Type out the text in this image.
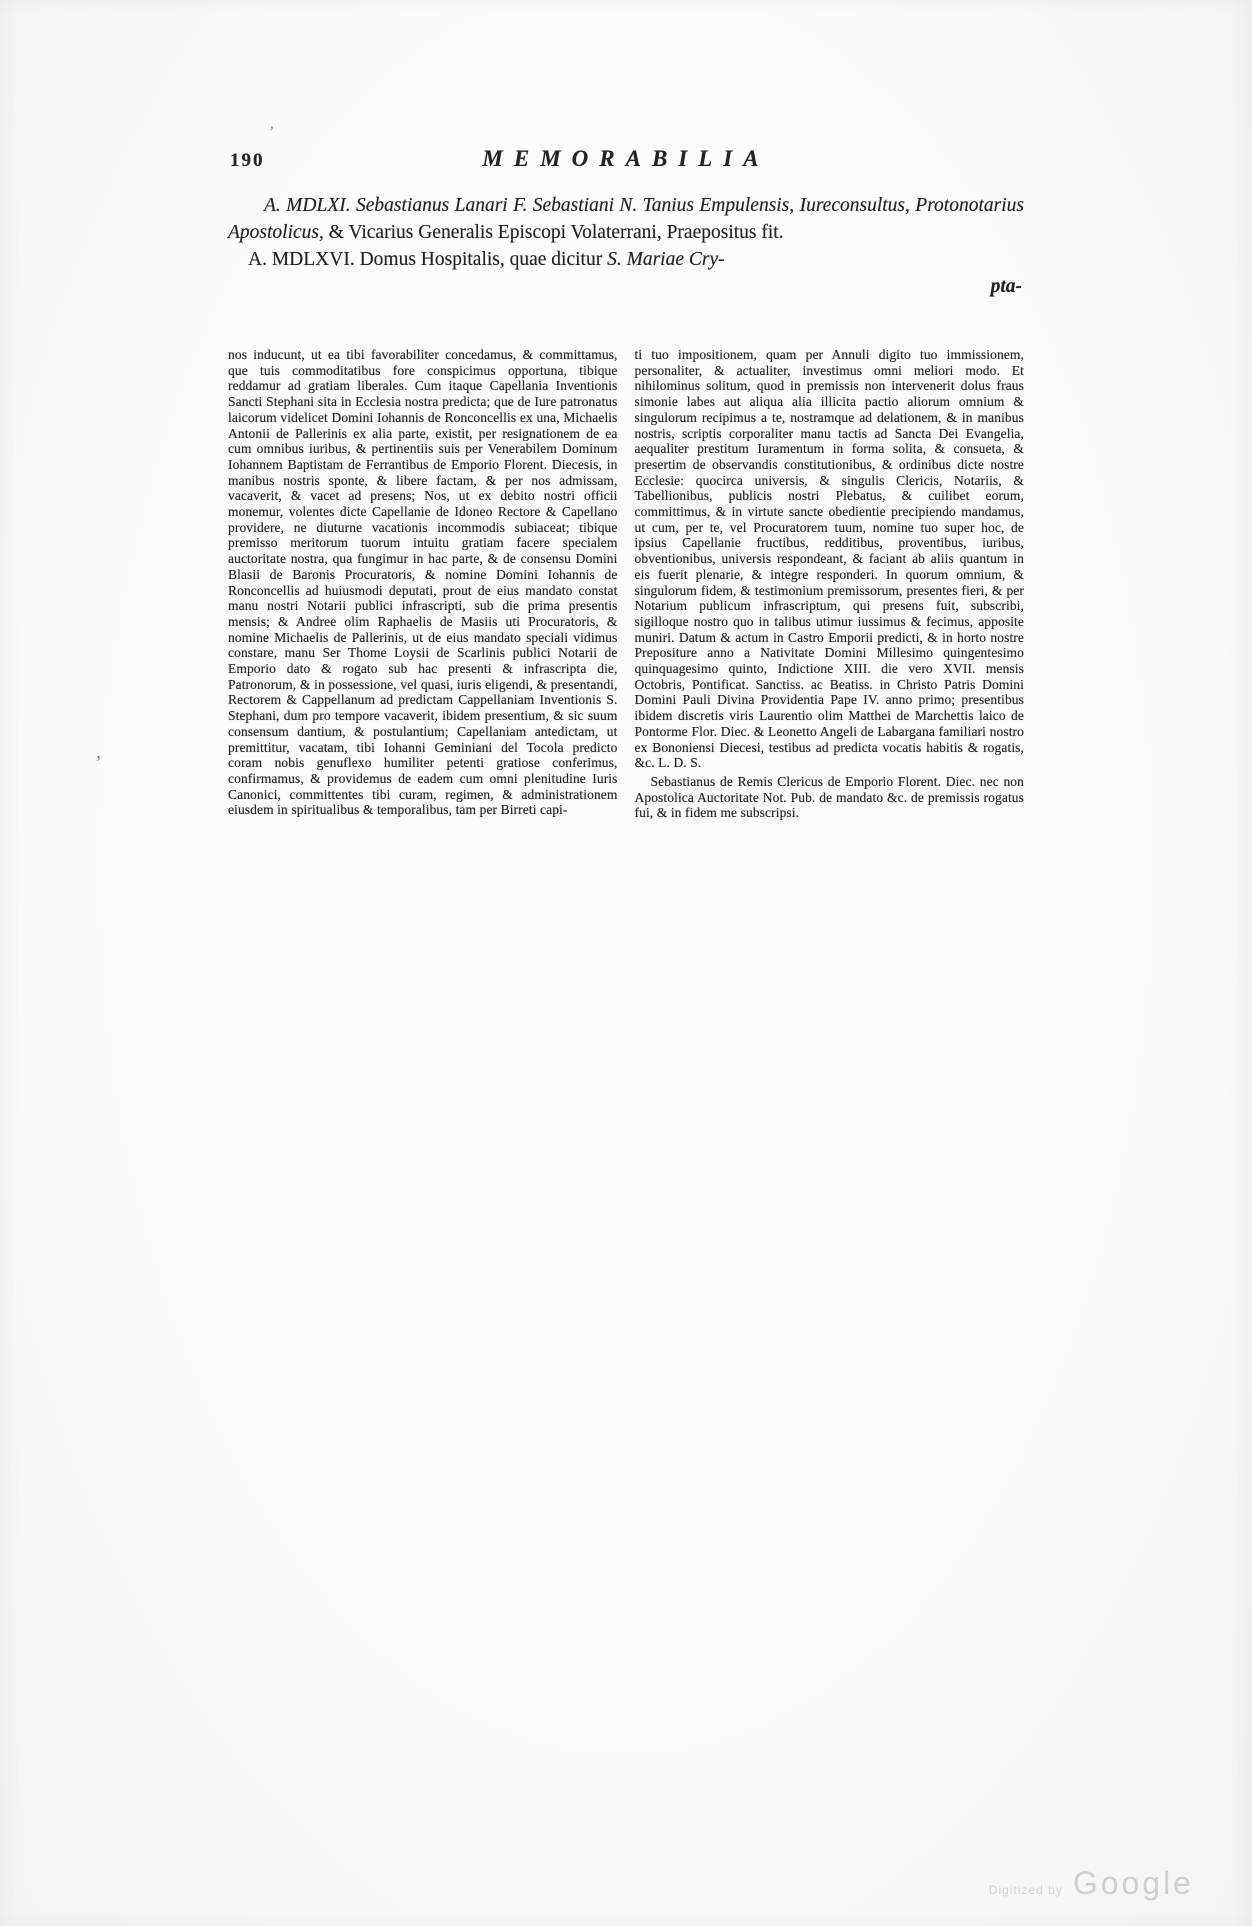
190	MEMORABILIA
’
’

A. MDLXI. Sebastianus Lanari F. Sebastiani N. Tanius Empulensis, Iureconsultus, Protonotarius Apostolicus, & Vicarius Generalis Episcopi Volaterrani, Praepositus fit.

A. MDLXVI. Domus Hospitalis, quae dicitur S. Mariae Cry-

pta-

nos inducunt, ut ea tibi favorabiliter concedamus, & committamus, que tuis commoditatibus fore conspicimus opportuna, tibique reddamur ad gratiam liberales. Cum itaque Capellania Inventionis Sancti Stephani sita in Ecclesia nostra predicta; que de Iure patronatus laicorum videlicet Domini Iohannis de Ronconcellis ex una, Michaelis Antonii de Pallerinis ex alia parte, existit, per resignationem de ea cum omnibus iuribus, & pertinentiis suis per Venerabilem Dominum Iohannem Baptistam de Ferrantibus de Emporio Florent. Diecesis, in manibus nostris sponte, & libere factam, & per nos admissam, vacaverit, & vacet ad presens; Nos, ut ex debito nostri officii monemur, volentes dicte Capellanie de Idoneo Rectore & Capellano providere, ne diuturne vacationis incommodis subiaceat; tibique premisso meritorum tuorum intuitu gratiam facere specialem auctoritate nostra, qua fungimur in hac parte, & de consensu Domini Blasii de Baronis Procuratoris, & nomine Domini Iohannis de Ronconcellis ad huiusmodi deputati, prout de eius mandato constat manu nostri Notarii publici infrascripti, sub die prima presentis mensis; & Andree olim Raphaelis de Masiis uti Procuratoris, & nomine Michaelis de Pallerinis, ut de eius mandato speciali vidimus constare, manu Ser Thome Loysii de Scarlinis publici Notarii de Emporio dato & rogato sub hac presenti & infrascripta die, Patronorum, & in possessione, vel quasi, iuris eligendi, & presentandi, Rectorem & Cappellanum ad predictam Cappellaniam Inventionis S. Stephani, dum pro tempore vacaverit, ibidem presentium, & sic suum consensum dantium, & postulantium; Capellaniam antedictam, ut premittitur, vacatam, tibi Iohanni Geminiani del Tocola predicto coram nobis genuflexo humiliter petenti gratiose conferimus, confirmamus, & providemus de eadem cum omni plenitudine Iuris Canonici, committentes tibi curam, regimen, & administrationem eiusdem in spiritualibus & temporalibus, tam per Birreti capi-

ti tuo impositionem, quam per Annuli digito tuo immissionem, personaliter, & actualiter, investimus omni meliori modo. Et nihilominus solitum, quod in premissis non intervenerit dolus fraus simonie labes aut aliqua alia illicita pactio aliorum omnium & singulorum recipimus a te, nostramque ad delationem, & in manibus nostris, scriptis corporaliter manu tactis ad Sancta Dei Evangelia, aequaliter prestitum Iuramentum in forma solita, & consueta, & presertim de observandis constitutionibus, & ordinibus dicte nostre Ecclesie: quocirca universis, & singulis Clericis, Notariis, & Tabellionibus, publicis nostri Plebatus, & cuilibet eorum, committimus, & in virtute sancte obedientie precipiendo mandamus, ut cum, per te, vel Procuratorem tuum, nomine tuo super hoc, de ipsius Capellanie fructibus, redditibus, proventibus, iuribus, obventionibus, universis respondeant, & faciant ab aliis quantum in eis fuerit plenarie, & integre responderi. In quorum omnium, & singulorum fidem, & testimonium premissorum, presentes fieri, & per Notarium publicum infrascriptum, qui presens fuit, subscribi, sigilloque nostro quo in talibus utimur iussimus & fecimus, apposite muniri. Datum & actum in Castro Emporii predicti, & in horto nostre Prepositure anno a Nativitate Domini Millesimo quingentesimo quinquagesimo quinto, Indictione XIII. die vero XVII. mensis Octobris, Pontificat. Sanctiss. ac Beatiss. in Christo Patris Domini Domini Pauli Divina Providentia Pape IV. anno primo; presentibus ibidem discretis viris Laurentio olim Matthei de Marchettis laico de Pontorme Flor. Diec. & Leonetto Angeli de Labargana familiari nostro ex Bononiensi Diecesi, testibus ad predicta vocatis habitis & rogatis, &c. L. D. S.

Sebastianus de Remis Clericus de Emporio Florent. Diec. nec non Apostolica Auctoritate Not. Pub. de mandato &c. de premissis rogatus fui, & in fidem me subscripsi.

Digitized by Google
